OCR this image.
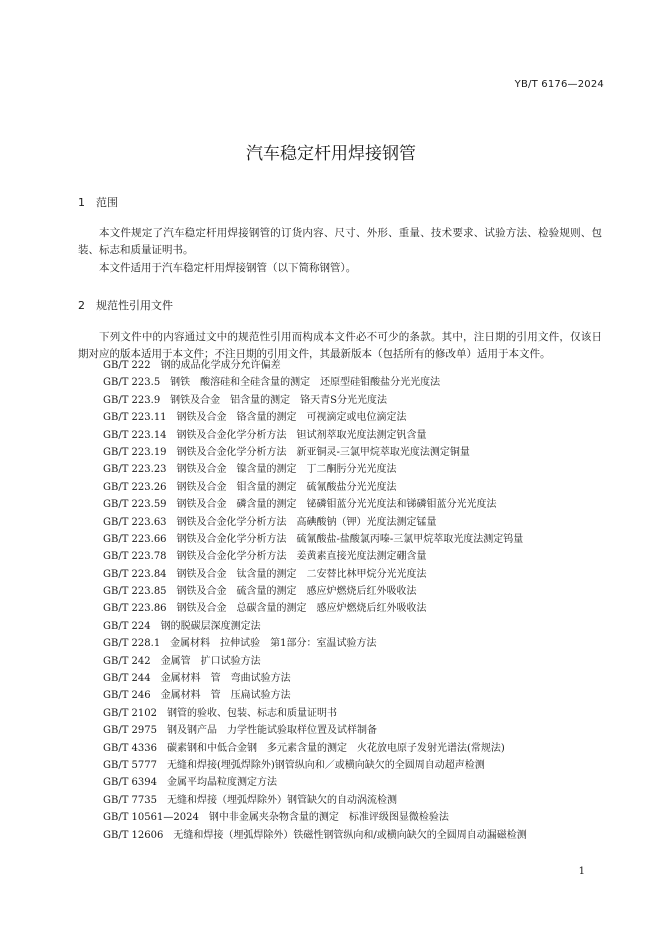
YB/T 6176—2024
汽车稳定杆用焊接钢管
1 范围
本文件规定了汽车稳定杆用焊接钢管的订货内容、尺寸、外形、重量、技术要求、试验方法、检验规则、包装、标志和质量证明书。
本文件适用于汽车稳定杆用焊接钢管（以下简称钢管）。
2 规范性引用文件
下列文件中的内容通过文中的规范性引用而构成本文件必不可少的条款。其中，注日期的引用文件，仅该日期对应的版本适用于本文件；不注日期的引用文件，其最新版本（包括所有的修改单）适用于本文件。
GB/T 222　钢的成品化学成分允许偏差
GB/T 223.5　钢铁　酸溶硅和全硅含量的测定　还原型硅钼酸盐分光光度法
GB/T 223.9　钢铁及合金　铝含量的测定　铬天青S分光光度法
GB/T 223.11　钢铁及合金　铬含量的测定　可视滴定或电位滴定法
GB/T 223.14　钢铁及合金化学分析方法　钽试剂萃取光度法测定钒含量
GB/T 223.19　钢铁及合金化学分析方法　新亚铜灵-三氯甲烷萃取光度法测定铜量
GB/T 223.23　钢铁及合金　镍含量的测定　丁二酮肟分光光度法
GB/T 223.26　钢铁及合金　钼含量的测定　硫氰酸盐分光光度法
GB/T 223.59　钢铁及合金　磷含量的测定　铋磷钼蓝分光光度法和锑磷钼蓝分光光度法
GB/T 223.63　钢铁及合金化学分析方法　高碘酸钠（钾）光度法测定锰量
GB/T 223.66　钢铁及合金化学分析方法　硫氰酸盐-盐酸氯丙嗪-三氯甲烷萃取光度法测定钨量
GB/T 223.78　钢铁及合金化学分析方法　姜黄素直接光度法测定硼含量
GB/T 223.84　钢铁及合金　钛含量的测定　二安替比林甲烷分光光度法
GB/T 223.85　钢铁及合金　硫含量的测定　感应炉燃烧后红外吸收法
GB/T 223.86　钢铁及合金　总碳含量的测定　感应炉燃烧后红外吸收法
GB/T 224　钢的脱碳层深度测定法
GB/T 228.1　金属材料　拉伸试验　第1部分：室温试验方法
GB/T 242　金属管　扩口试验方法
GB/T 244　金属材料　管　弯曲试验方法
GB/T 246　金属材料　管　压扁试验方法
GB/T 2102　钢管的验收、包装、标志和质量证明书
GB/T 2975　钢及钢产品　力学性能试验取样位置及试样制备
GB/T 4336　碳素钢和中低合金钢　多元素含量的测定　火花放电原子发射光谱法(常规法)
GB/T 5777　无缝和焊接(埋弧焊除外)钢管纵向和／或横向缺欠的全圆周自动超声检测
GB/T 6394　金属平均晶粒度测定方法
GB/T 7735　无缝和焊接（埋弧焊除外）钢管缺欠的自动涡流检测
GB/T 10561—2024　钢中非金属夹杂物含量的测定　标准评级图显微检验法
GB/T 12606　无缝和焊接（埋弧焊除外）铁磁性钢管纵向和/或横向缺欠的全圆周自动漏磁检测
1
